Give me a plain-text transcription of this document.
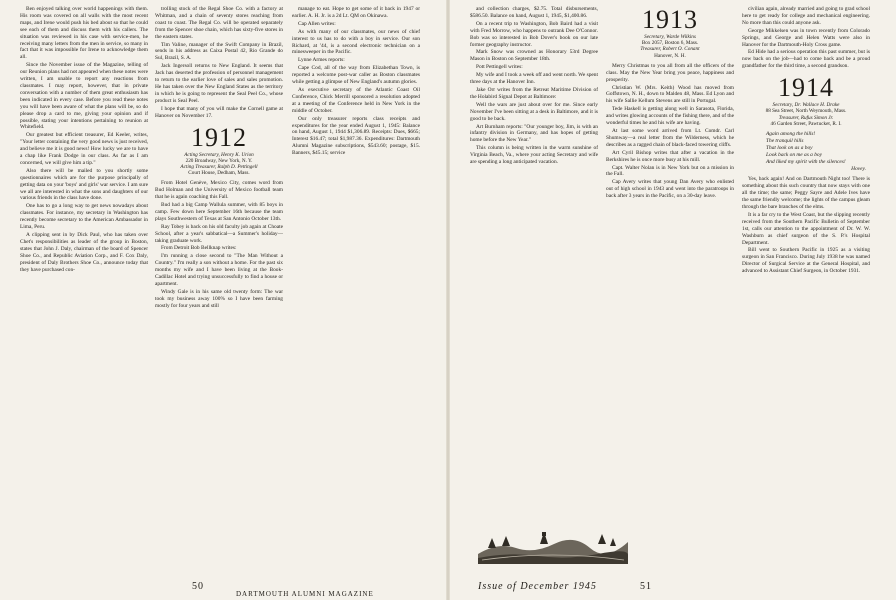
Ben enjoyed talking over world happenings with them. His room was covered on all walls with the most recent maps, and Irene would push his bed about so that he could see each of them and discuss them with his callers. The situation was reviewed in his case with service-men, he receiving many letters from the men in service, so many in fact that it was impossible for Irene to acknowledge them all.

Since the November issue of the Magazine, telling of our Reunion plans had not appeared when these notes were written, I am unable to report any reactions from classmates. I may report, however, that in private conversation with a number of them great enthusiasm has been indicated in every case. Before you read these notes you will have been aware of what the plans will be, so do please drop a card to me, giving your opinion and if possible, stating your intentions pertaining to reunion at Whitefield.

Our greatest but efficient treasurer, Ed Keeler, writes, "Your letter containing the very good news is just received, and believe me it is good news! How lucky we are to have a chap like Frank Dodge in our class. As far as I am concerned, we will give him a tip."

Also there will be mailed to you shortly some questionnaires which are for the purpose principally of getting data on your 'boys' and girls' war service. I am sure we all are interested in what the sons and daughters of our various friends in the class have done.

One has to go a long way to get news nowadays about classmates. For instance, my secretary in Washington has recently become secretary to the American Ambassador in Lima, Peru.

A clipping sent in by Dick Paul, who has taken over Chet's responsibilities as leader of the group in Boston, states that John J. Daly, chairman of the board of Spencer Shoe Co., and Republic Aviation Corp., and F. Cox Daly, president of Daly Brothers Shoe Co., announce today that they have purchased con-

trolling stock of the Regal Shoe Co. with a factory at Whitman, and a chain of seventy stores reaching from coast to coast. The Regal Co. will be operated separately from the Spencer shoe chain, which has sixty-five stores in the eastern states.

Tim Valine, manager of the Swift Company in Brazil, sends in his address as Caixa Postal 42, Rio Grande do Sul, Brazil, S. A.

Jack Ingersoll returns to New England. It seems that Jack has deserted the profession of personnel management to return to the earlier love of sales and sales promotion. He has taken over the New England States as the territory in which he is going to represent the Seal Peel Co., whose product is Seal Peel.

I hope that many of you will make the Cornell game at Hanover on November 17.

1912
Acting Secretary, Henry K. Urion
220 Broadway, New York, N. Y.
Acting Treasurer, Ralph D. Pettingell
Court House, Dedham, Mass.

From Hotel Genève, Mexico City, comes word from Bud Holman and the University of Mexico football team that he is again coaching this Fall.

Bud had a big Camp Wallula summer, with 85 boys in camp. Few down here September 16th because the team plays Southwestern of Texas at San Antonio October 13th.

Ray Tobey is back on his old faculty job again at Choate School, after a year's sabbatical—a Summer's holiday—taking graduate work.

From Detroit Bob Bellknap writes:

I'm running a close second to "The Man Without a Country." I'm really a son without a home. For the past six months my wife and I have been living at the Book-Cadillac Hotel and trying unsuccessfully to find a house or apartment.

Windy Gale is in his same old twenty form: The war took my business away 100% so I have been farming mostly for four years and still

manage to eat. Hope to get some of it back in 1947 or earlier. A. H. Jr. is a 2d Lt. QM on Okinawa.

Cap Allen writes:

As with many of our classmates, our news of chief interest to us has to do with a boy in service. Our son Richard, at '44, is a second electronic technician on a minesweeper in the Pacific.

Lynne Armes reports:

Cape Cod, all of the way from Elizabethan Town, is reported a welcome post-war caller as Boston classmates while getting a glimpse of New England's autumn glories.

As executive secretary of the Atlantic Coast Oil Conference, Chick Merrill sponsored a resolution adopted at a meeting of the Conference held in New York in the middle of October.

Our only treasurer reports class receipts and expenditures for the year ended August 1, 1945: Balance on hand, August 1, 1944 $1,306.89. Receipts: Dues, $665; Interest $16.47; total $1,987.36. Expenditures: Dartmouth Alumni Magazine subscriptions, $543.60; postage, $15. Banners, $45.15; service

50
DARTMOUTH ALUMNI MAGAZINE

and collection charges, $2.75. Total disbursements, $586.50. Balance on hand, August 1, 1945, $1,400.86.

On a recent trip to Washington, Bob Baird had a visit with Fred Morrow, who happens to outrank Dee O'Connor. Bob was so interested in Bob Dover's book on our late former geography instructor.

Mark Snow was crowned as Honorary 53rd Degree Mason in Boston on September 18th.

Pott Pettingell writes:

My wife and I took a week off and went north. We spent three days at the Hanover Inn.

Jake Orr writes from the Retreat Maritime Division of the Holabird Signal Depot at Baltimore:

Well the wars are just about over for me. Since early November I've been sitting at a desk in Baltimore, and it is good to be back.

Art Burnham reports: "Our younger boy, Jim, is with an infantry division in Germany, and has hopes of getting home before the New Year."

This column is being written in the warm sunshine of Virginia Beach, Va., where your acting Secretary and wife are spending a long anticipated vacation.

1913
Secretary, Warde Wilkins
Box 2057, Boston 6, Mass.
Treasurer, Robert O. Conant
Hanover, N. H.

Merry Christmas to you all from all the officers of the class. May the New Year bring you peace, happiness and prosperity.

Christian W. (Mrs. Keith) Wood has moved from Goffstown, N. H., down to Malden 48, Mass. Ed Lyon and his wife Sallie Kellum Stevens are still in Portugal.

Tede Haskell is getting along well in Sarasota, Florida, and writes glowing accounts of the fishing there, and of the wonderful times he and his wife are having.

At last some word arrived from Lt. Comdr. Carl Shumway—a real letter from the Wilderness, which he describes as a ragged chain of black-faced towering cliffs.

Art Cyril Bishop writes that after a vacation in the Berkshires he is once more busy at his mill.

Capt. Walter Nolan is in New York but on a mission in the Fall.

Cap Avery writes that young Dan Avery who enlisted out of high school in 1943 and went into the paratroops in back after 3 years in the Pacific, on a 30-day leave.

civilian again, already married and going to grad school here to get ready for college and mechanical engineering. No more than this could anyone ask.

George Mikkelsen was in town recently from Colorado Springs, and George and Helen Watts were also in Hanover for the Dartmouth-Holy Cross game.

Ed Hide had a serious operation this past summer, but is now back on the job—had to come back and be a proud grandfather for the third time, a second grandson.

1914
Secretary, Dr. Wallace H. Drake
88 Sea Street, North Weymouth, Mass.
Treasurer, Rufus Simon Jr.
46 Garden Street, Pawtucket, R. I.
Again among the hills!
The tranquil hills
That look on as a boy
Look back on me as a boy
And liked my spirit with the silences!
Hovey.

Yes, back again! And on Dartmouth Night too! There is something about this such country that now stays with one all the time; the same; Peggy Sayre and Adele Ives have the same friendly welcome; the lights of the campus gleam through the bare branches of the elms.

It is a far cry to the West Coast, but the slipping recently received from the Southern Pacific Bulletin of September 1st, calls our attention to the appointment of Dr. W. W. Washburn as chief surgeon of the S. P.'s Hospital Department.

Bill went to Southern Pacific in 1925 as a visiting surgeon in San Francisco. During July 1938 he was named Director of Surgical Service at the General Hospital, and advanced to Assistant Chief Surgeon, in October 1931.

Issue of December 1945	51
